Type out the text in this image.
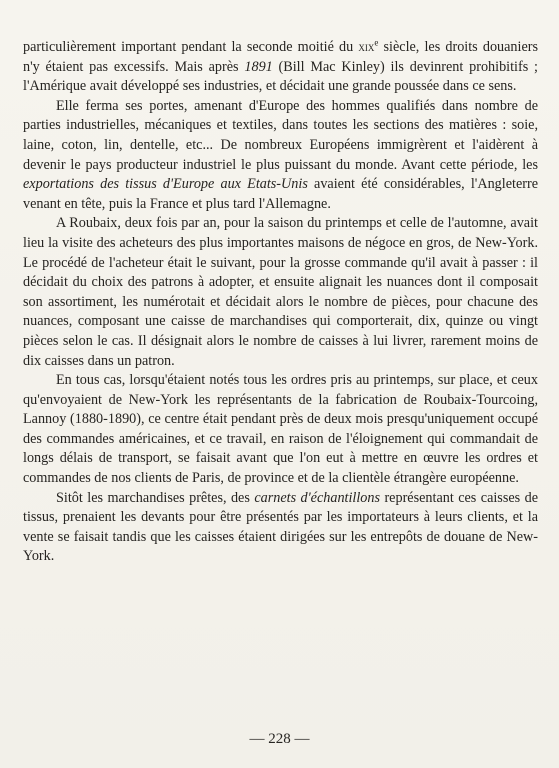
particulièrement important pendant la seconde moitié du xix$^e$ siècle, les droits douaniers n'y étaient pas excessifs. Mais après 1891 (Bill Mac Kinley) ils devinrent prohibitifs ; l'Amérique avait développé ses industries, et décidait une grande poussée dans ce sens.

Elle ferma ses portes, amenant d'Europe des hommes qualifiés dans nombre de parties industrielles, mécaniques et textiles, dans toutes les sections des matières : soie, laine, coton, lin, dentelle, etc... De nombreux Européens immigrèrent et l'aidèrent à devenir le pays producteur industriel le plus puissant du monde. Avant cette période, les exportations des tissus d'Europe aux Etats-Unis avaient été considérables, l'Angleterre venant en tête, puis la France et plus tard l'Allemagne.

A Roubaix, deux fois par an, pour la saison du printemps et celle de l'automne, avait lieu la visite des acheteurs des plus importantes maisons de négoce en gros, de New-York. Le procédé de l'acheteur était le suivant, pour la grosse commande qu'il avait à passer : il décidait du choix des patrons à adopter, et ensuite alignait les nuances dont il composait son assortiment, les numérotait et décidait alors le nombre de pièces, pour chacune des nuances, composant une caisse de marchandises qui comporterait, dix, quinze ou vingt pièces selon le cas. Il désignait alors le nombre de caisses à lui livrer, rarement moins de dix caisses dans un patron.

En tous cas, lorsqu'étaient notés tous les ordres pris au printemps, sur place, et ceux qu'envoyaient de New-York les représentants de la fabrication de Roubaix-Tourcoing, Lannoy (1880-1890), ce centre était pendant près de deux mois presqu'uniquement occupé des commandes américaines, et ce travail, en raison de l'éloignement qui commandait de longs délais de transport, se faisait avant que l'on eut à mettre en œuvre les ordres et commandes de nos clients de Paris, de province et de la clientèle étrangère européenne.

Sitôt les marchandises prêtes, des carnets d'échantillons représentant ces caisses de tissus, prenaient les devants pour être présentés par les importateurs à leurs clients, et la vente se faisait tandis que les caisses étaient dirigées sur les entrepôts de douane de New-York.

— 228 —
